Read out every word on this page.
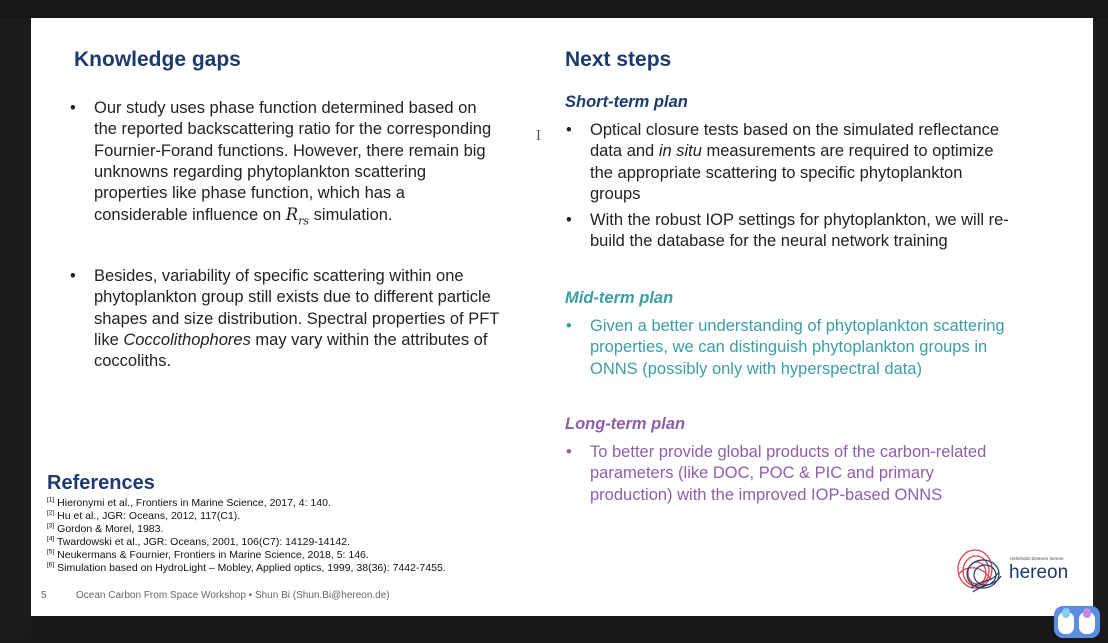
Knowledge gaps
• Our study uses phase function determined based on
the reported backscattering ratio for the corresponding
Fournier-Forand functions. However, there remain big
unknowns regarding phytoplankton scattering
properties like phase function, which has a
considerable influence on $R_{rs}$ simulation.
• Besides, variability of specific scattering within one
phytoplankton group still exists due to different particle
shapes and size distribution. Spectral properties of PFT
like Coccolithophores may vary within the attributes of
coccoliths.
Ｉ
Next steps

Short-term plan

• Optical closure tests based on the simulated reflectance
data and in situ measurements are required to optimize
the appropriate scattering to specific phytoplankton
groups
• With the robust IOP settings for phytoplankton, we will re-
build the database for the neural network training

Mid-term plan

• Given a better understanding of phytoplankton scattering
properties, we can distinguish phytoplankton groups in
ONNS (possibly only with hyperspectral data)

Long-term plan

• To better provide global products of the carbon-related
parameters (like DOC, POC & PIC and primary
production) with the improved IOP-based ONNS
References
[1] Hieronymi et al., Frontiers in Marine Science, 2017, 4: 140.
[2] Hu et al., JGR: Oceans, 2012, 117(C1).
[3] Gordon & Morel, 1983.
[4] Twardowski et al., JGR: Oceans, 2001, 106(C7): 14129-14142.
[5] Neukermans & Fournier, Frontiers in Marine Science, 2018, 5: 146.
[6] Simulation based on HydroLight – Mobley, Applied optics, 1999, 38(36): 7442-7455.
5	Ocean Carbon From Space Workshop • Shun Bi (Shun.Bi@hereon.de)
Helmholtz-Zentrum hereon
hereon
